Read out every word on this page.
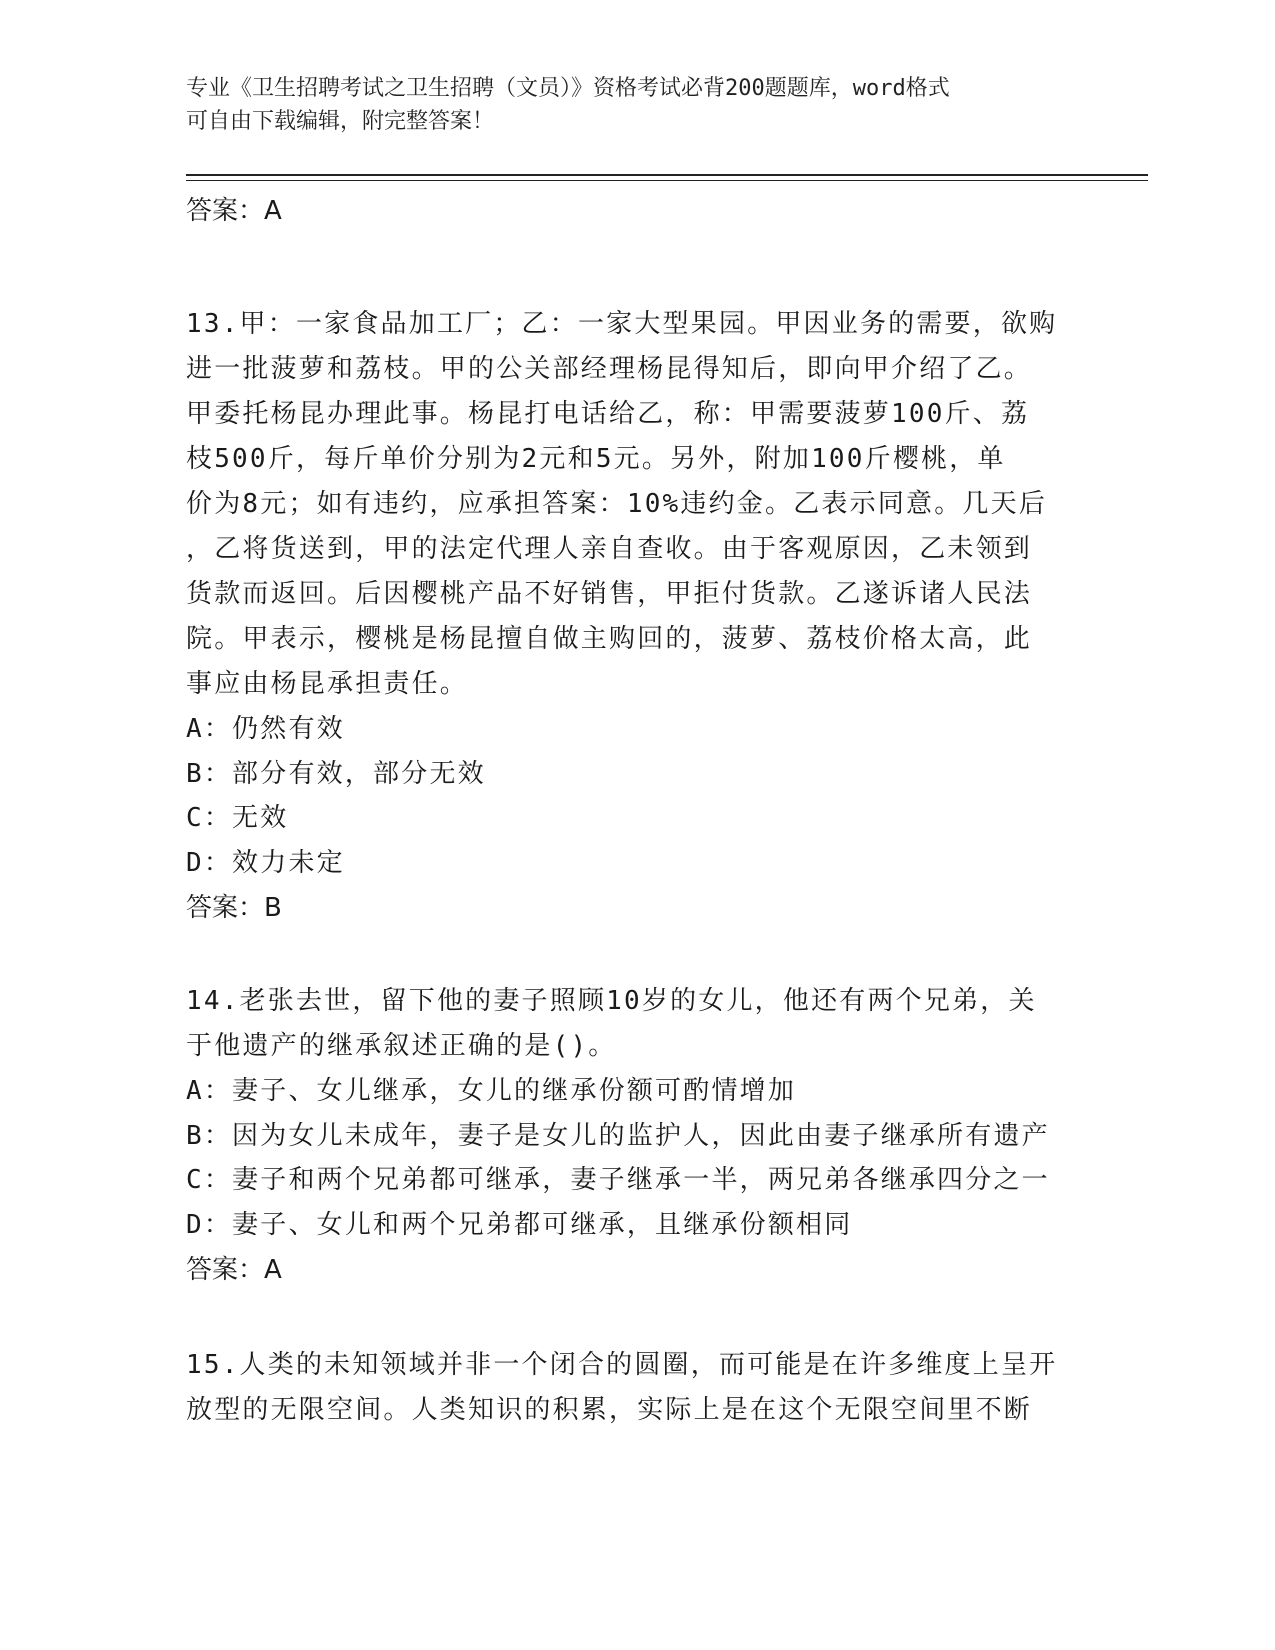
专业《卫生招聘考试之卫生招聘（文员）》资格考试必背200题题库，word格式
可自由下载编辑，附完整答案！
答案：A
13.甲：一家食品加工厂；乙：一家大型果园。甲因业务的需要，欲购
进一批菠萝和荔枝。甲的公关部经理杨昆得知后，即向甲介绍了乙。
甲委托杨昆办理此事。杨昆打电话给乙，称：甲需要菠萝100斤、荔
枝500斤，每斤单价分别为2元和5元。另外，附加100斤樱桃，单
价为8元；如有违约，应承担答案：10%违约金。乙表示同意。几天后
，乙将货送到，甲的法定代理人亲自查收。由于客观原因，乙未领到
货款而返回。后因樱桃产品不好销售，甲拒付货款。乙遂诉诸人民法
院。甲表示，樱桃是杨昆擅自做主购回的，菠萝、荔枝价格太高，此
事应由杨昆承担责任。
A：仍然有效
B：部分有效，部分无效
C：无效
D：效力未定
答案：B
14.老张去世，留下他的妻子照顾10岁的女儿，他还有两个兄弟，关
于他遗产的继承叙述正确的是()。
A：妻子、女儿继承，女儿的继承份额可酌情增加
B：因为女儿未成年，妻子是女儿的监护人，因此由妻子继承所有遗产
C：妻子和两个兄弟都可继承，妻子继承一半，两兄弟各继承四分之一
D：妻子、女儿和两个兄弟都可继承，且继承份额相同
答案：A
15.人类的未知领域并非一个闭合的圆圈，而可能是在许多维度上呈开
放型的无限空间。人类知识的积累，实际上是在这个无限空间里不断
